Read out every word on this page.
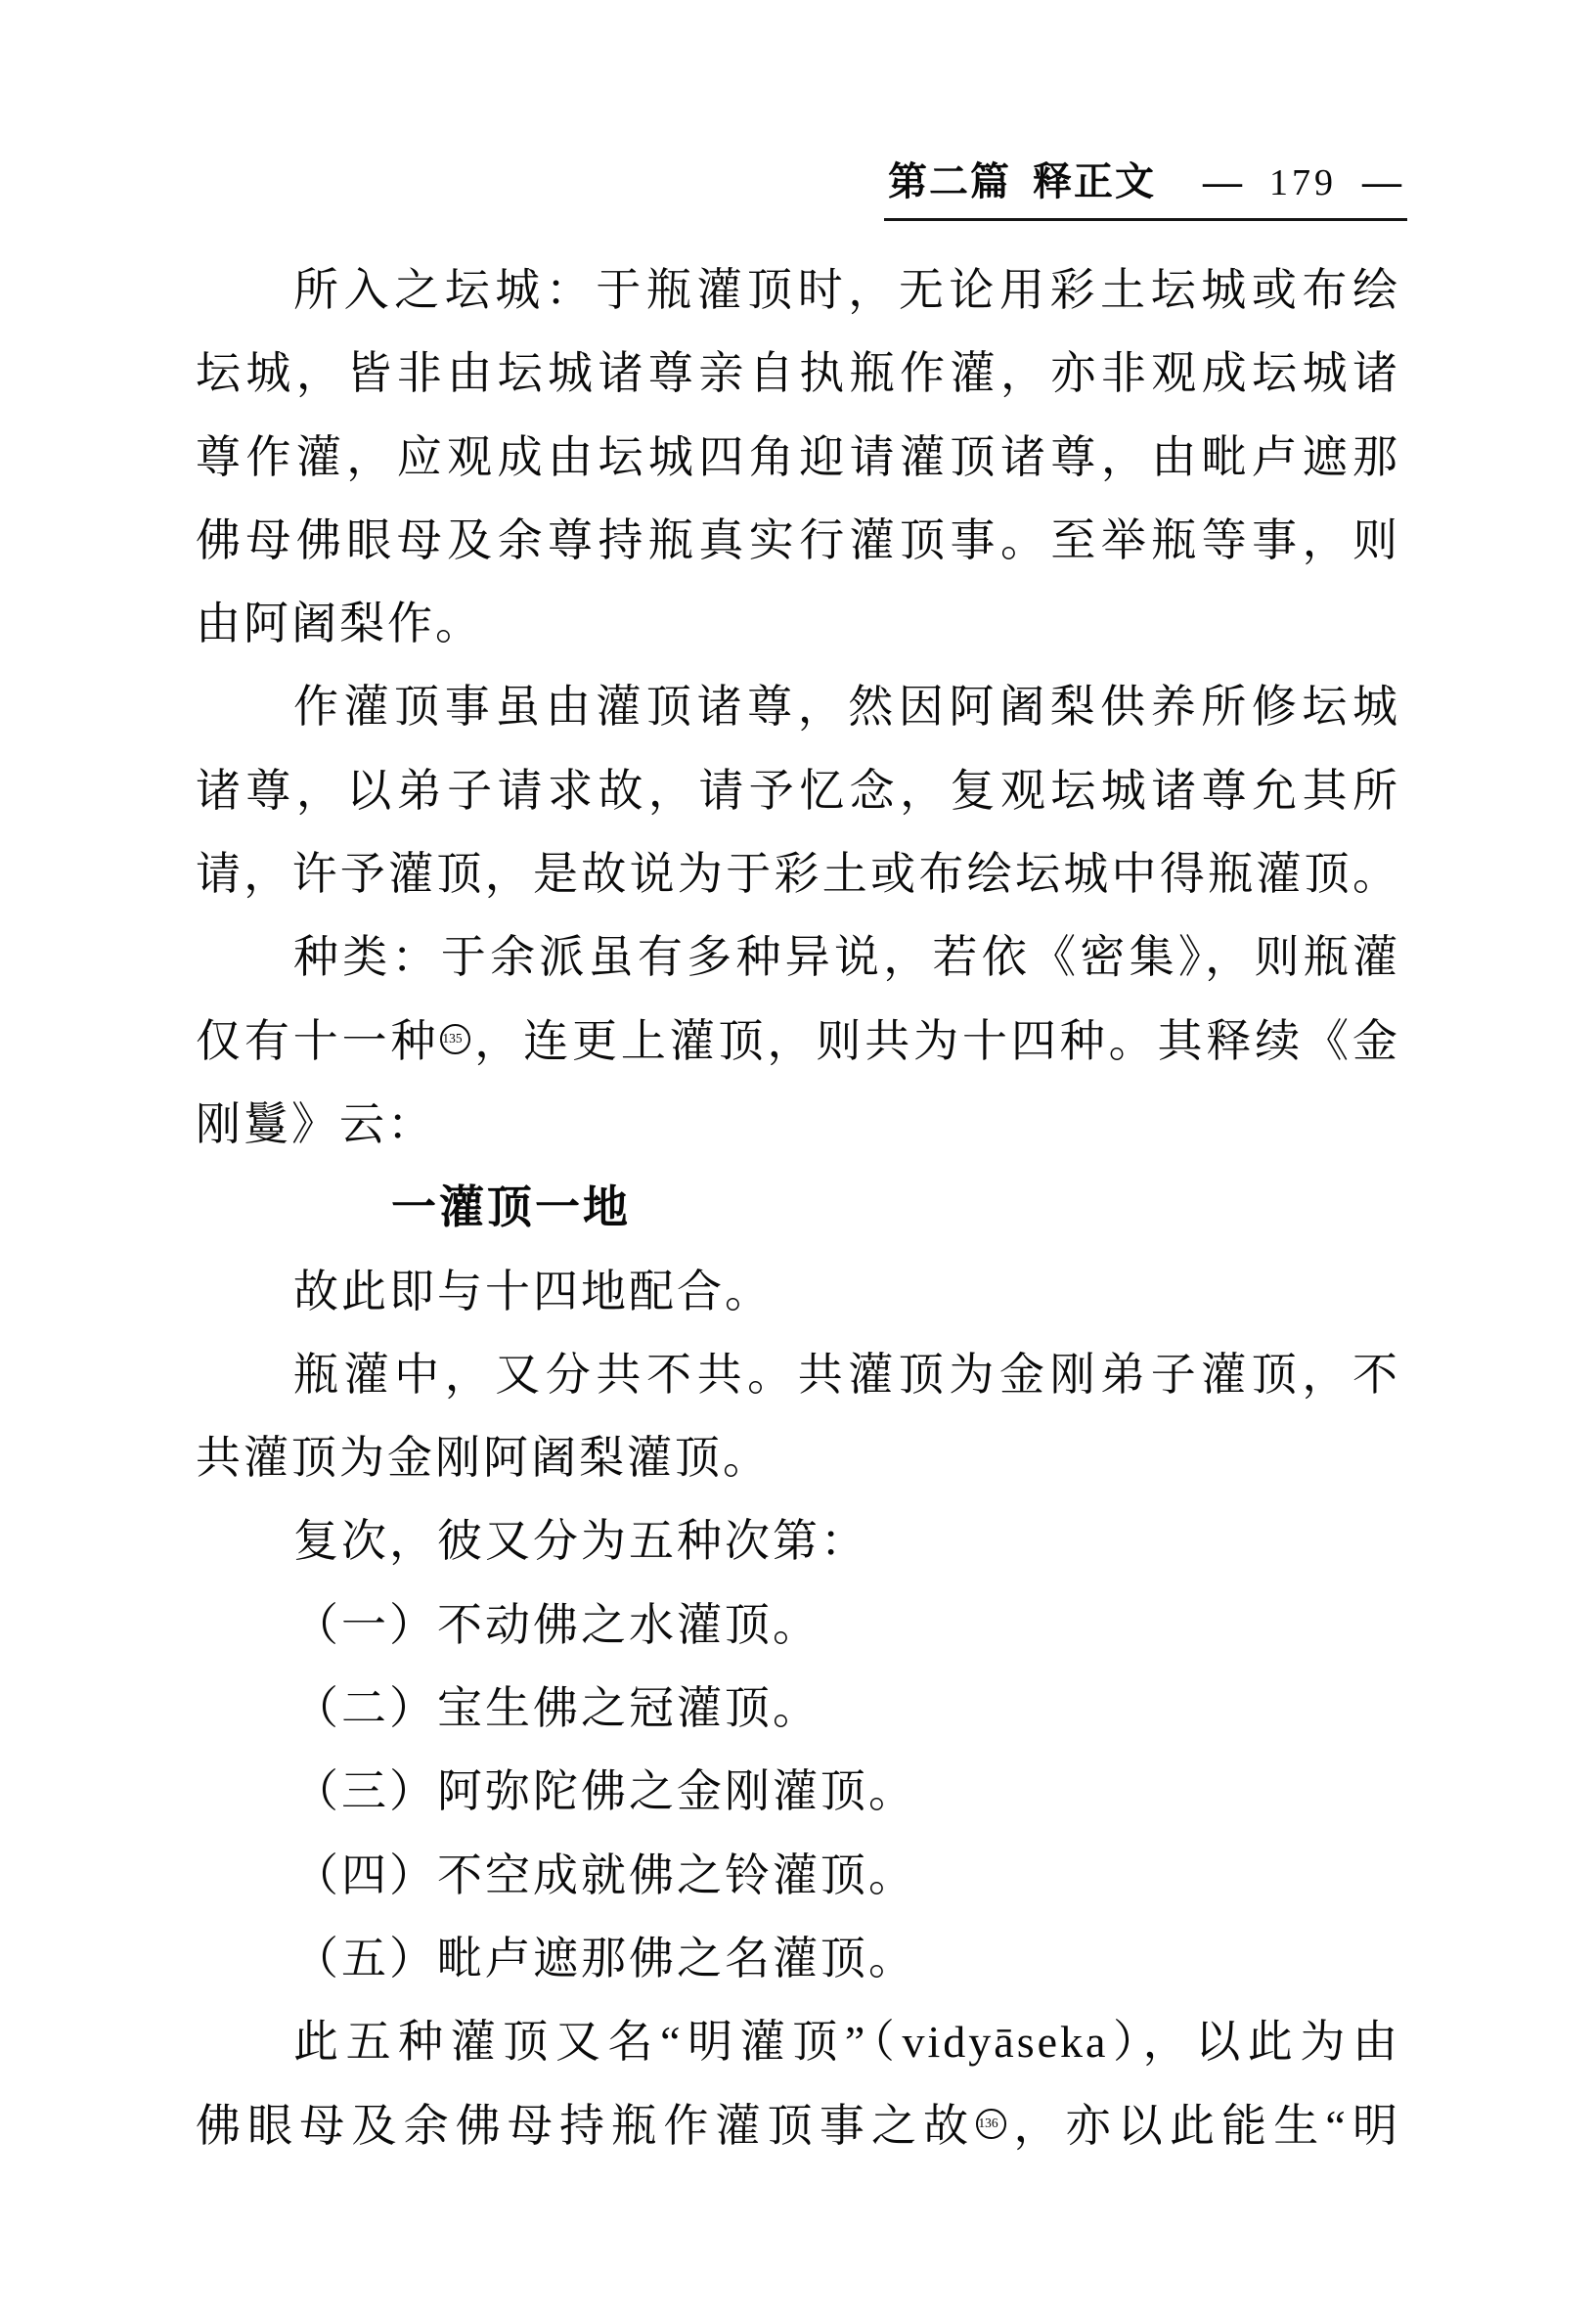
第二篇 释正文 — 179 —
所入之坛城：于瓶灌顶时，无论用彩土坛城或布绘
坛城，皆非由坛城诸尊亲自执瓶作灌，亦非观成坛城诸
尊作灌，应观成由坛城四角迎请灌顶诸尊，由毗卢遮那
佛母佛眼母及余尊持瓶真实行灌顶事。至举瓶等事，则
由阿阇梨作。
作灌顶事虽由灌顶诸尊，然因阿阇梨供养所修坛城
诸尊，以弟子请求故，请予忆念，复观坛城诸尊允其所
请，许予灌顶，是故说为于彩土或布绘坛城中得瓶灌顶。
种类：于余派虽有多种异说，若依《密集》，则瓶灌
仅有十一种 135 ，连更上灌顶，则共为十四种。其释续《金
刚鬘》云：
一灌顶一地
故此即与十四地配合。
瓶灌中，又分共不共。共灌顶为金刚弟子灌顶，不
共灌顶为金刚阿阇梨灌顶。
复次，彼又分为五种次第：
（一）不动佛之水灌顶。
（二）宝生佛之冠灌顶。
（三）阿弥陀佛之金刚灌顶。
（四）不空成就佛之铃灌顶。
（五）毗卢遮那佛之名灌顶。
此五种灌顶又名“明灌顶”（vidyāseka），以此为由
佛眼母及余佛母持瓶作灌顶事之故 136 ，亦以此能生“明
